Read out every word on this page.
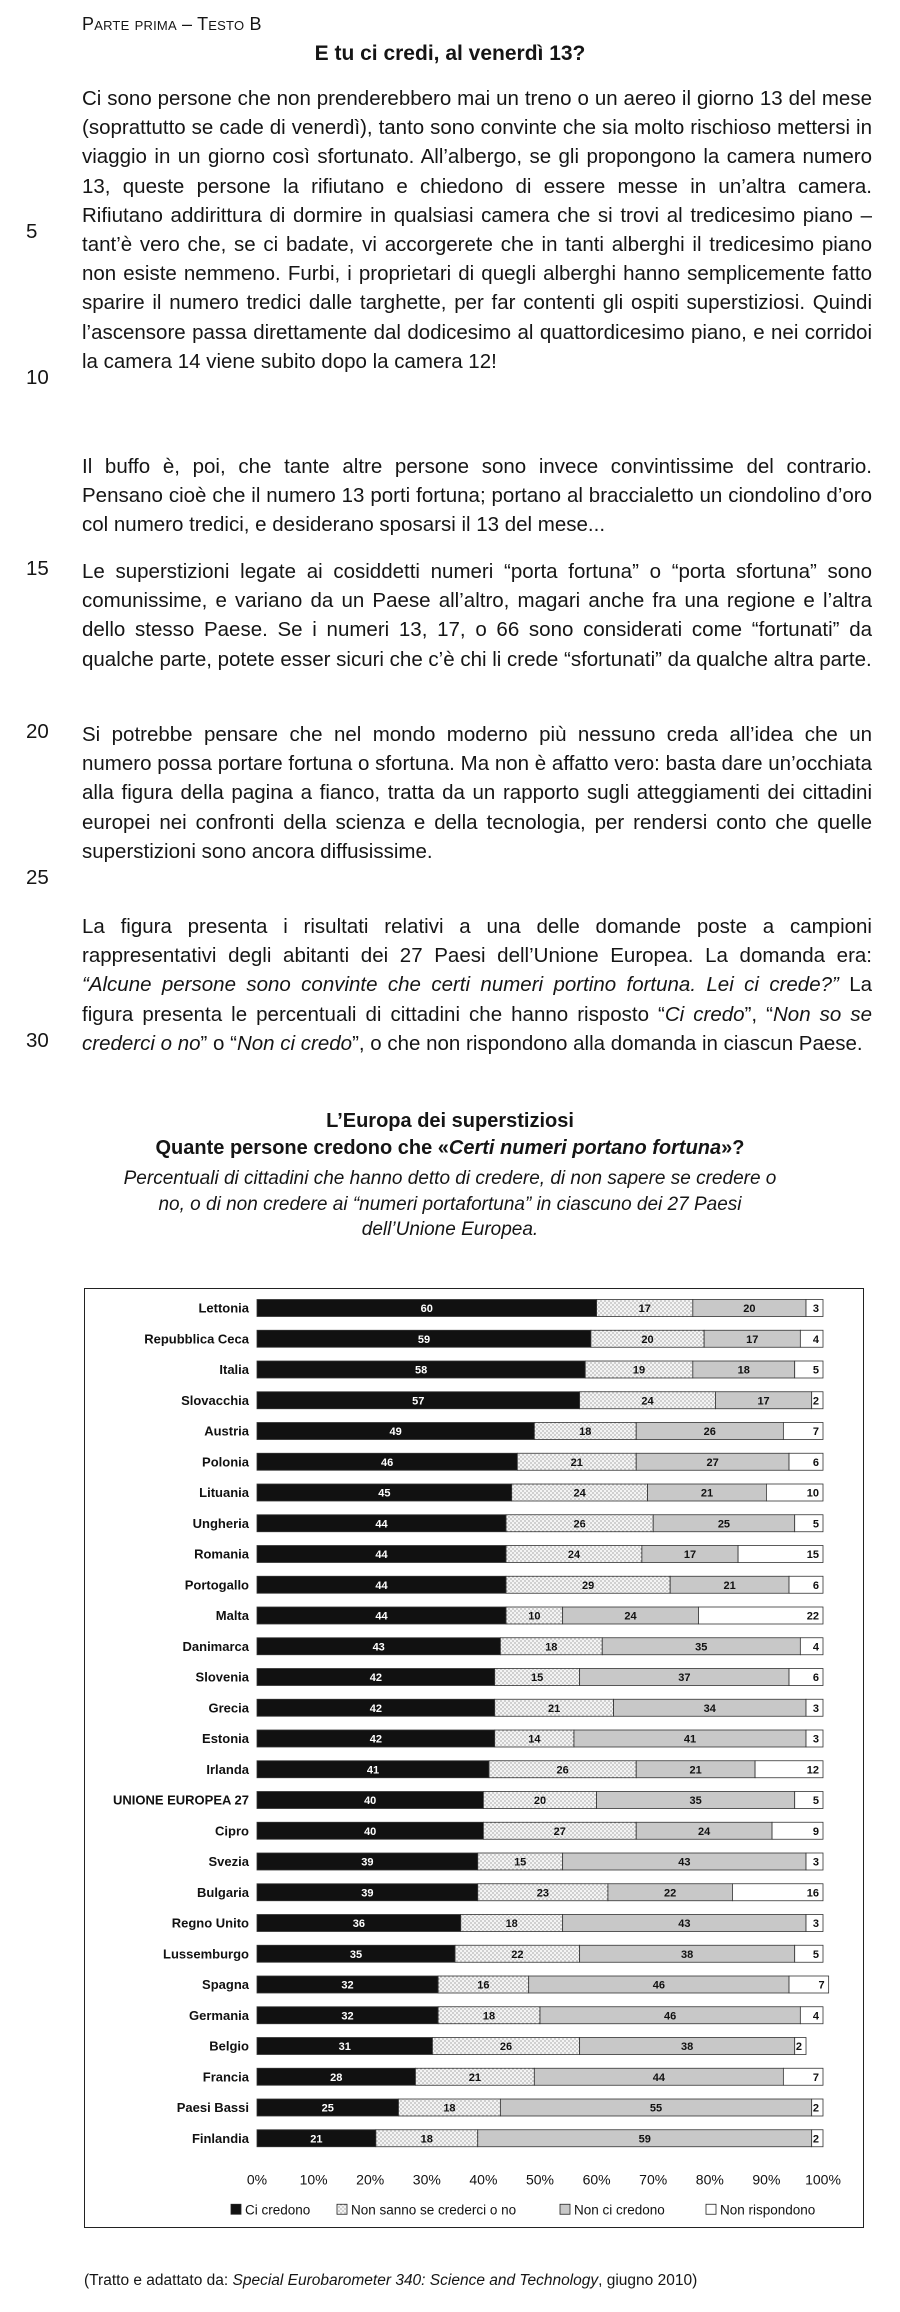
Parte prima – Testo B
E tu ci credi, al venerdì 13?

Ci sono persone che non prenderebbero mai un treno o un aereo il giorno 13 del mese (soprattutto se cade di venerdì), tanto sono convinte che sia molto rischioso mettersi in viaggio in un giorno così sfortunato. All’albergo, se gli propongono la camera numero 13, queste persone la rifiutano e chiedono di essere messe in un’altra camera. Rifiutano addirittura di dormire in qualsiasi camera che si trovi al tredicesimo piano – tant’è vero che, se ci badate, vi accorgerete che in tanti alberghi il tredicesimo piano non esiste nemmeno. Furbi, i proprietari di quegli alberghi hanno semplicemente fatto sparire il numero tredici dalle targhette, per far contenti gli ospiti superstiziosi. Quindi l’ascensore passa direttamente dal dodicesimo al quattordicesimo piano, e nei corridoi la camera 14 viene subito dopo la camera 12!

Il buffo è, poi, che tante altre persone sono invece convintissime del contrario. Pensano cioè che il numero 13 porti fortuna; portano al braccialetto un ciondolino d’oro col numero tredici, e desiderano sposarsi il 13 del mese...

Le superstizioni legate ai cosiddetti numeri “porta fortuna” o “porta sfortuna” sono comunissime, e variano da un Paese all’altro, magari anche fra una regione e l’altra dello stesso Paese. Se i numeri 13, 17, o 66 sono considerati come “fortunati” da qualche parte, potete esser sicuri che c’è chi li crede “sfortunati” da qualche altra parte.

Si potrebbe pensare che nel mondo moderno più nessuno creda all’idea che un numero possa portare fortuna o sfortuna. Ma non è affatto vero: basta dare un’occhiata alla figura della pagina a fianco, tratta da un rapporto sugli atteggiamenti dei cittadini europei nei confronti della scienza e della tecnologia, per rendersi conto che quelle superstizioni sono ancora diffusissime.

La figura presenta i risultati relativi a una delle domande poste a campioni rappresentativi degli abitanti dei 27 Paesi dell’Unione Europea. La domanda era: “Alcune persone sono convinte che certi numeri portino fortuna. Lei ci crede?” La figura presenta le percentuali di cittadini che hanno risposto “Ci credo”, “Non so se crederci o no” o “Non ci credo”, o che non rispondono alla domanda in ciascun Paese.

5
10
15
20
25
30
L’Europa dei superstiziosi
Quante persone credono che «Certi numeri portano fortuna»?
Percentuali di cittadini che hanno detto di credere, di non sapere se credere o no, o di non credere ai “numeri portafortuna” in ciascuno dei 27 Paesi dell’Unione Europea.
Lettonia	60	17	20	3
Repubblica Ceca	59	20	17	4
Italia	58	19	18	5
Slovacchia	57	24	17	2
Austria	49	18	26	7
Polonia	46	21	27	6
Lituania	45	24	21	10
Ungheria	44	26	25	5
Romania	44	24	17	15
Portogallo	44	29	21	6
Malta	44	10	24	22
Danimarca	43	18	35	4
Slovenia	42	15	37	6
Grecia	42	21	34	3
Estonia	42	14	41	3
Irlanda	41	26	21	12
UNIONE EUROPEA 27	40	20	35	5
Cipro	40	27	24	9
Svezia	39	15	43	3
Bulgaria	39	23	22	16
Regno Unito	36	18	43	3
Lussemburgo	35	22	38	5
Spagna	32	16	46	7
Germania	32	18	46	4
Belgio	31	26	38	2
Francia	28	21	44	7
Paesi Bassi	25	18	55	2
Finlandia	21	18	59	2
0% 10% 20% 30% 40% 50% 60% 70% 80% 90% 100%
Ci credono	Non sanno se crederci o no	Non ci credono	Non rispondono
(Tratto e adattato da: Special Eurobarometer 340: Science and Technology, giugno 2010)
